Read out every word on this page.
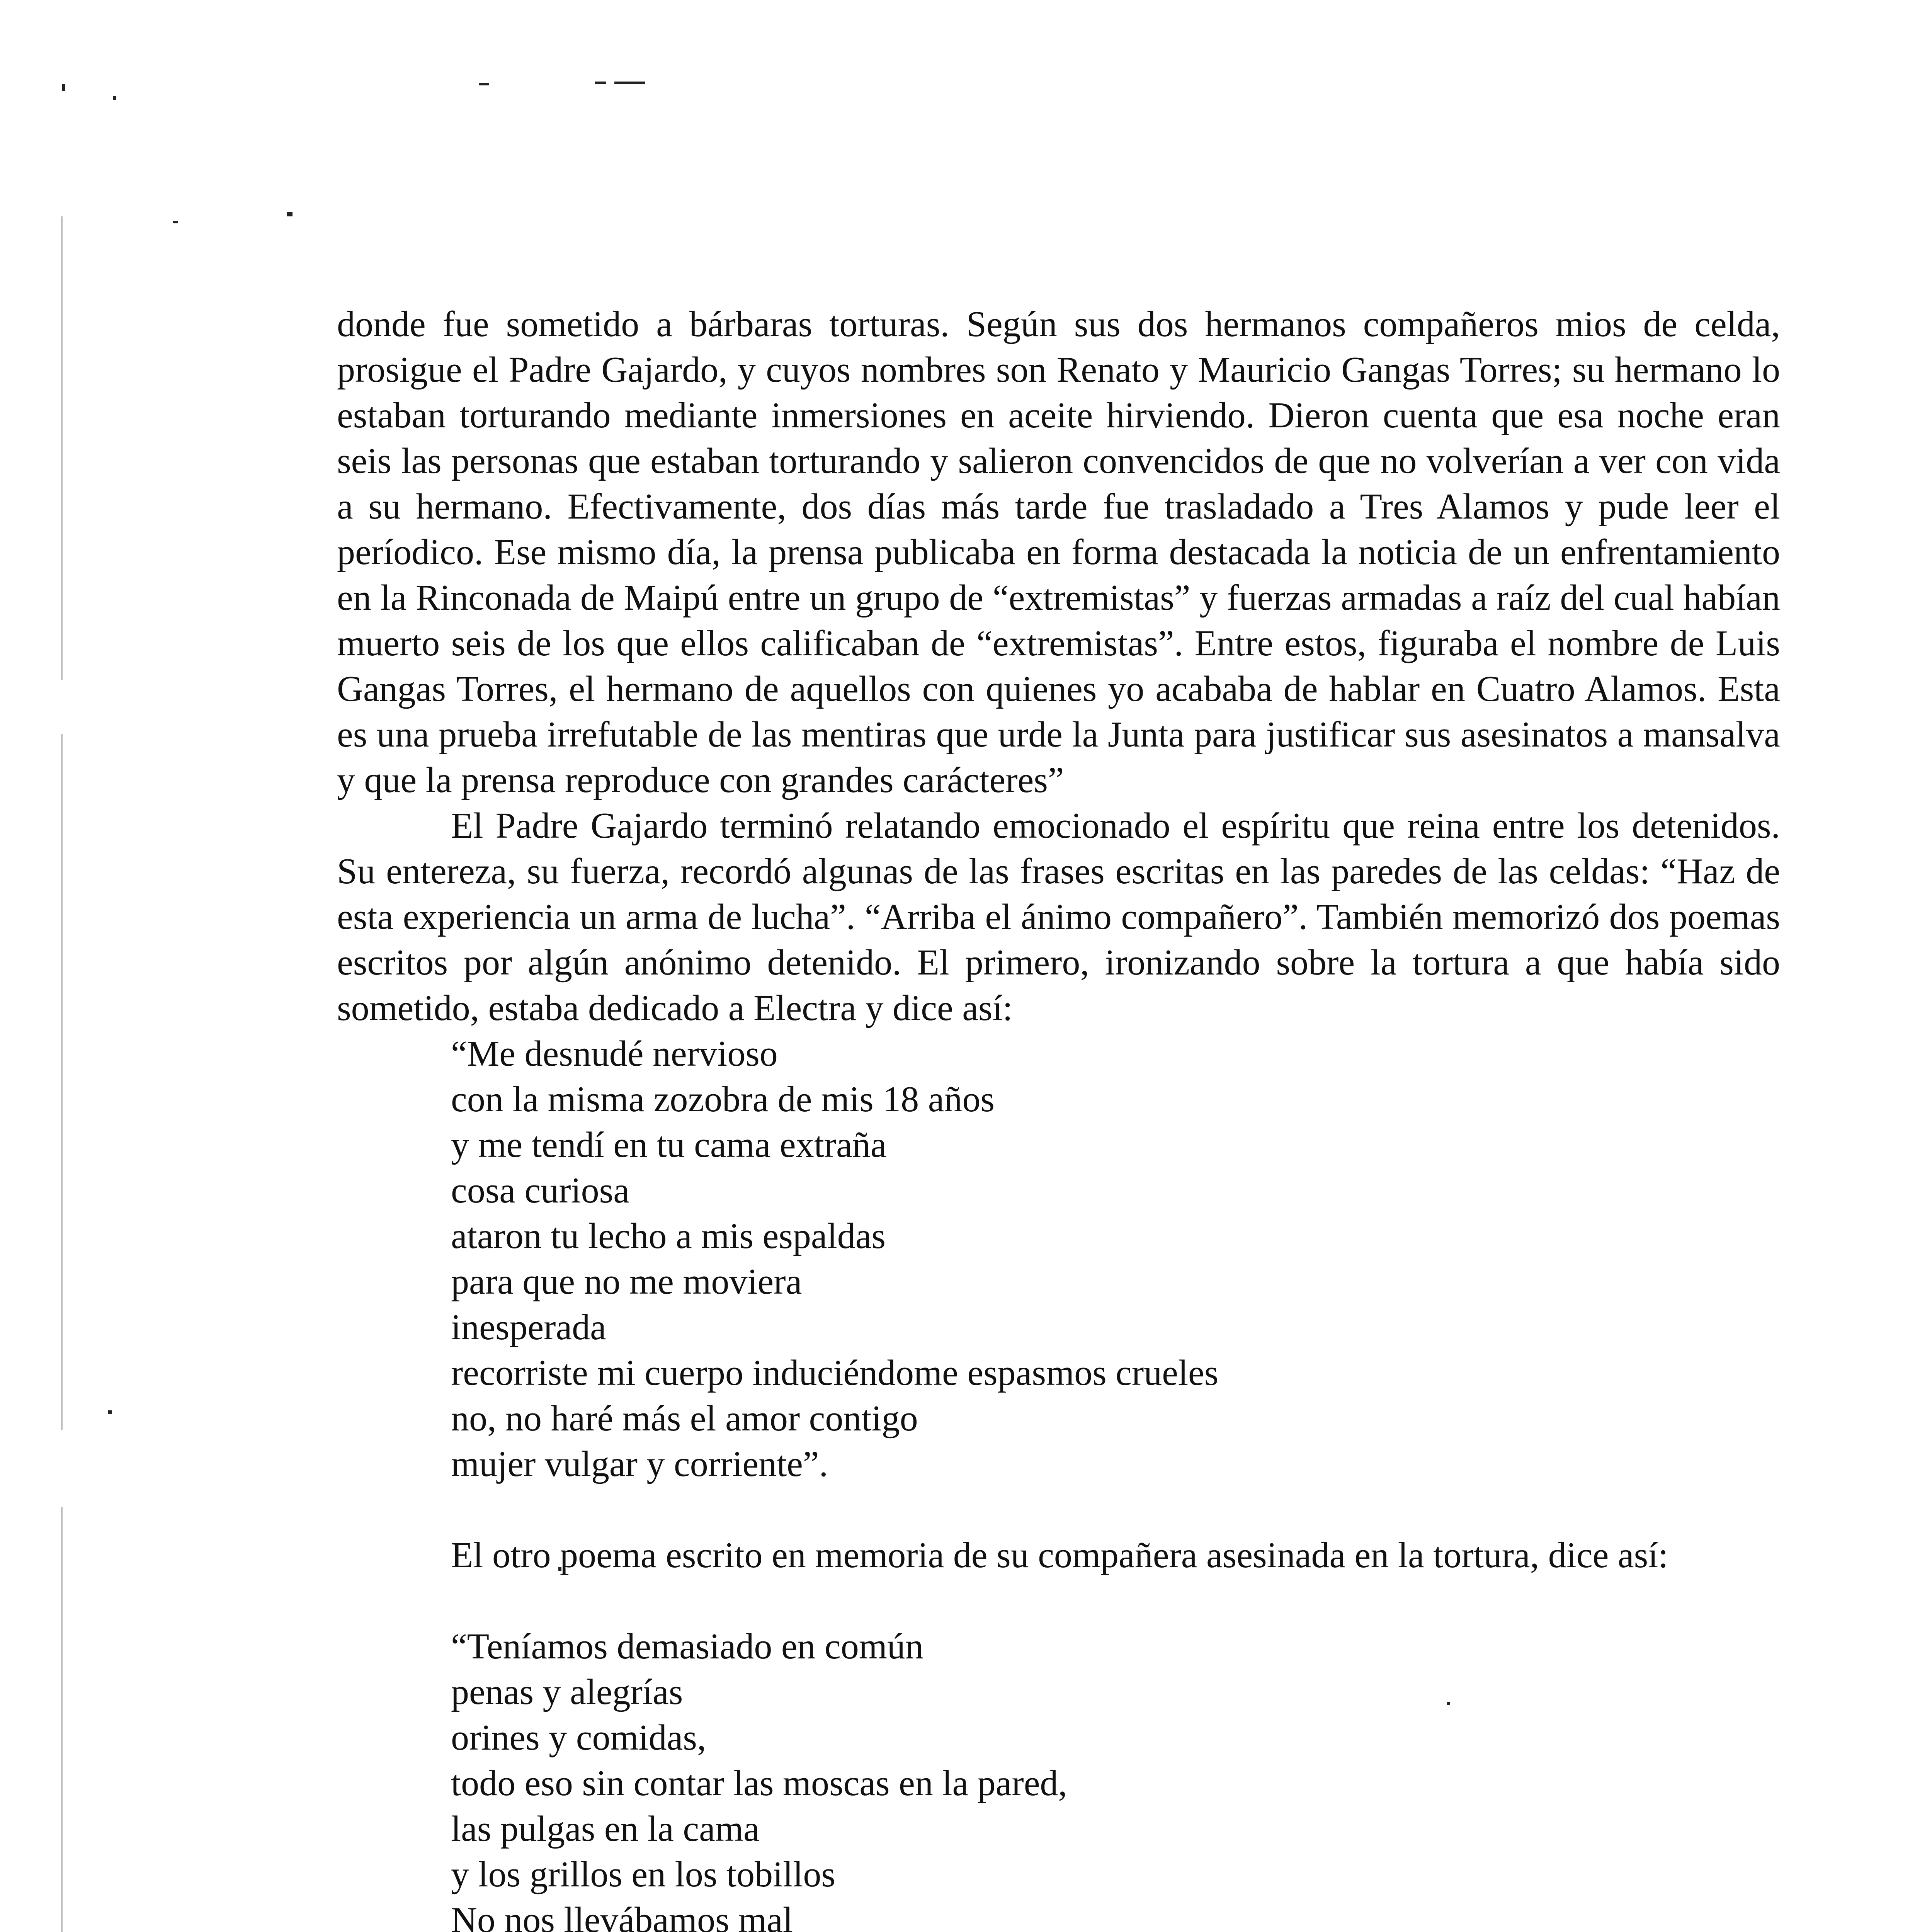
donde fue sometido a bárbaras torturas. Según sus dos hermanos compañeros mios de celda, prosigue el Padre Gajardo, y cuyos nombres son Renato y Mauricio Gangas Torres; su hermano lo estaban torturando mediante inmersiones en aceite hirviendo. Dieron cuenta que esa noche eran seis las personas que estaban torturando y salieron convencidos de que no volverían a ver con vida a su hermano. Efectivamente, dos días más tarde fue trasladado a Tres Alamos y pude leer el períodico. Ese mismo día, la prensa publicaba en forma destacada la noticia de un enfrentamiento en la Rinconada de Maipú entre un grupo de “extremistas” y fuerzas armadas a raíz del cual habían muerto seis de los que ellos calificaban de “extremistas”. Entre estos, figuraba el nombre de Luis Gangas Torres, el hermano de aquellos con quienes yo acababa de hablar en Cuatro Alamos. Esta es una prueba irrefutable de las mentiras que urde la Junta para justificar sus asesinatos a mansalva y que la prensa reproduce con grandes carácteres”

El Padre Gajardo terminó relatando emocionado el espíritu que reina entre los detenidos. Su entereza, su fuerza, recordó algunas de las frases escritas en las paredes de las celdas: “Haz de esta experiencia un arma de lucha”. “Arriba el ánimo compañero”. También memorizó dos poemas escritos por algún anónimo detenido. El primero, ironizando sobre la tortura a que había sido sometido, estaba dedicado a Electra y dice así:

“Me desnudé nervioso
con la misma zozobra de mis 18 años
y me tendí en tu cama extraña
cosa curiosa
ataron tu lecho a mis espaldas
para que no me moviera
inesperada
recorriste mi cuerpo induciéndome espasmos crueles
no, no haré más el amor contigo
mujer vulgar y corriente”.

El otro poema escrito en memoria de su compañera asesinada en la tortura, dice así:

“Teníamos demasiado en común
penas y alegrías
orines y comidas,
todo eso sin contar las moscas en la pared,
las pulgas en la cama
y los grillos en los tobillos
No nos llevábamos mal
